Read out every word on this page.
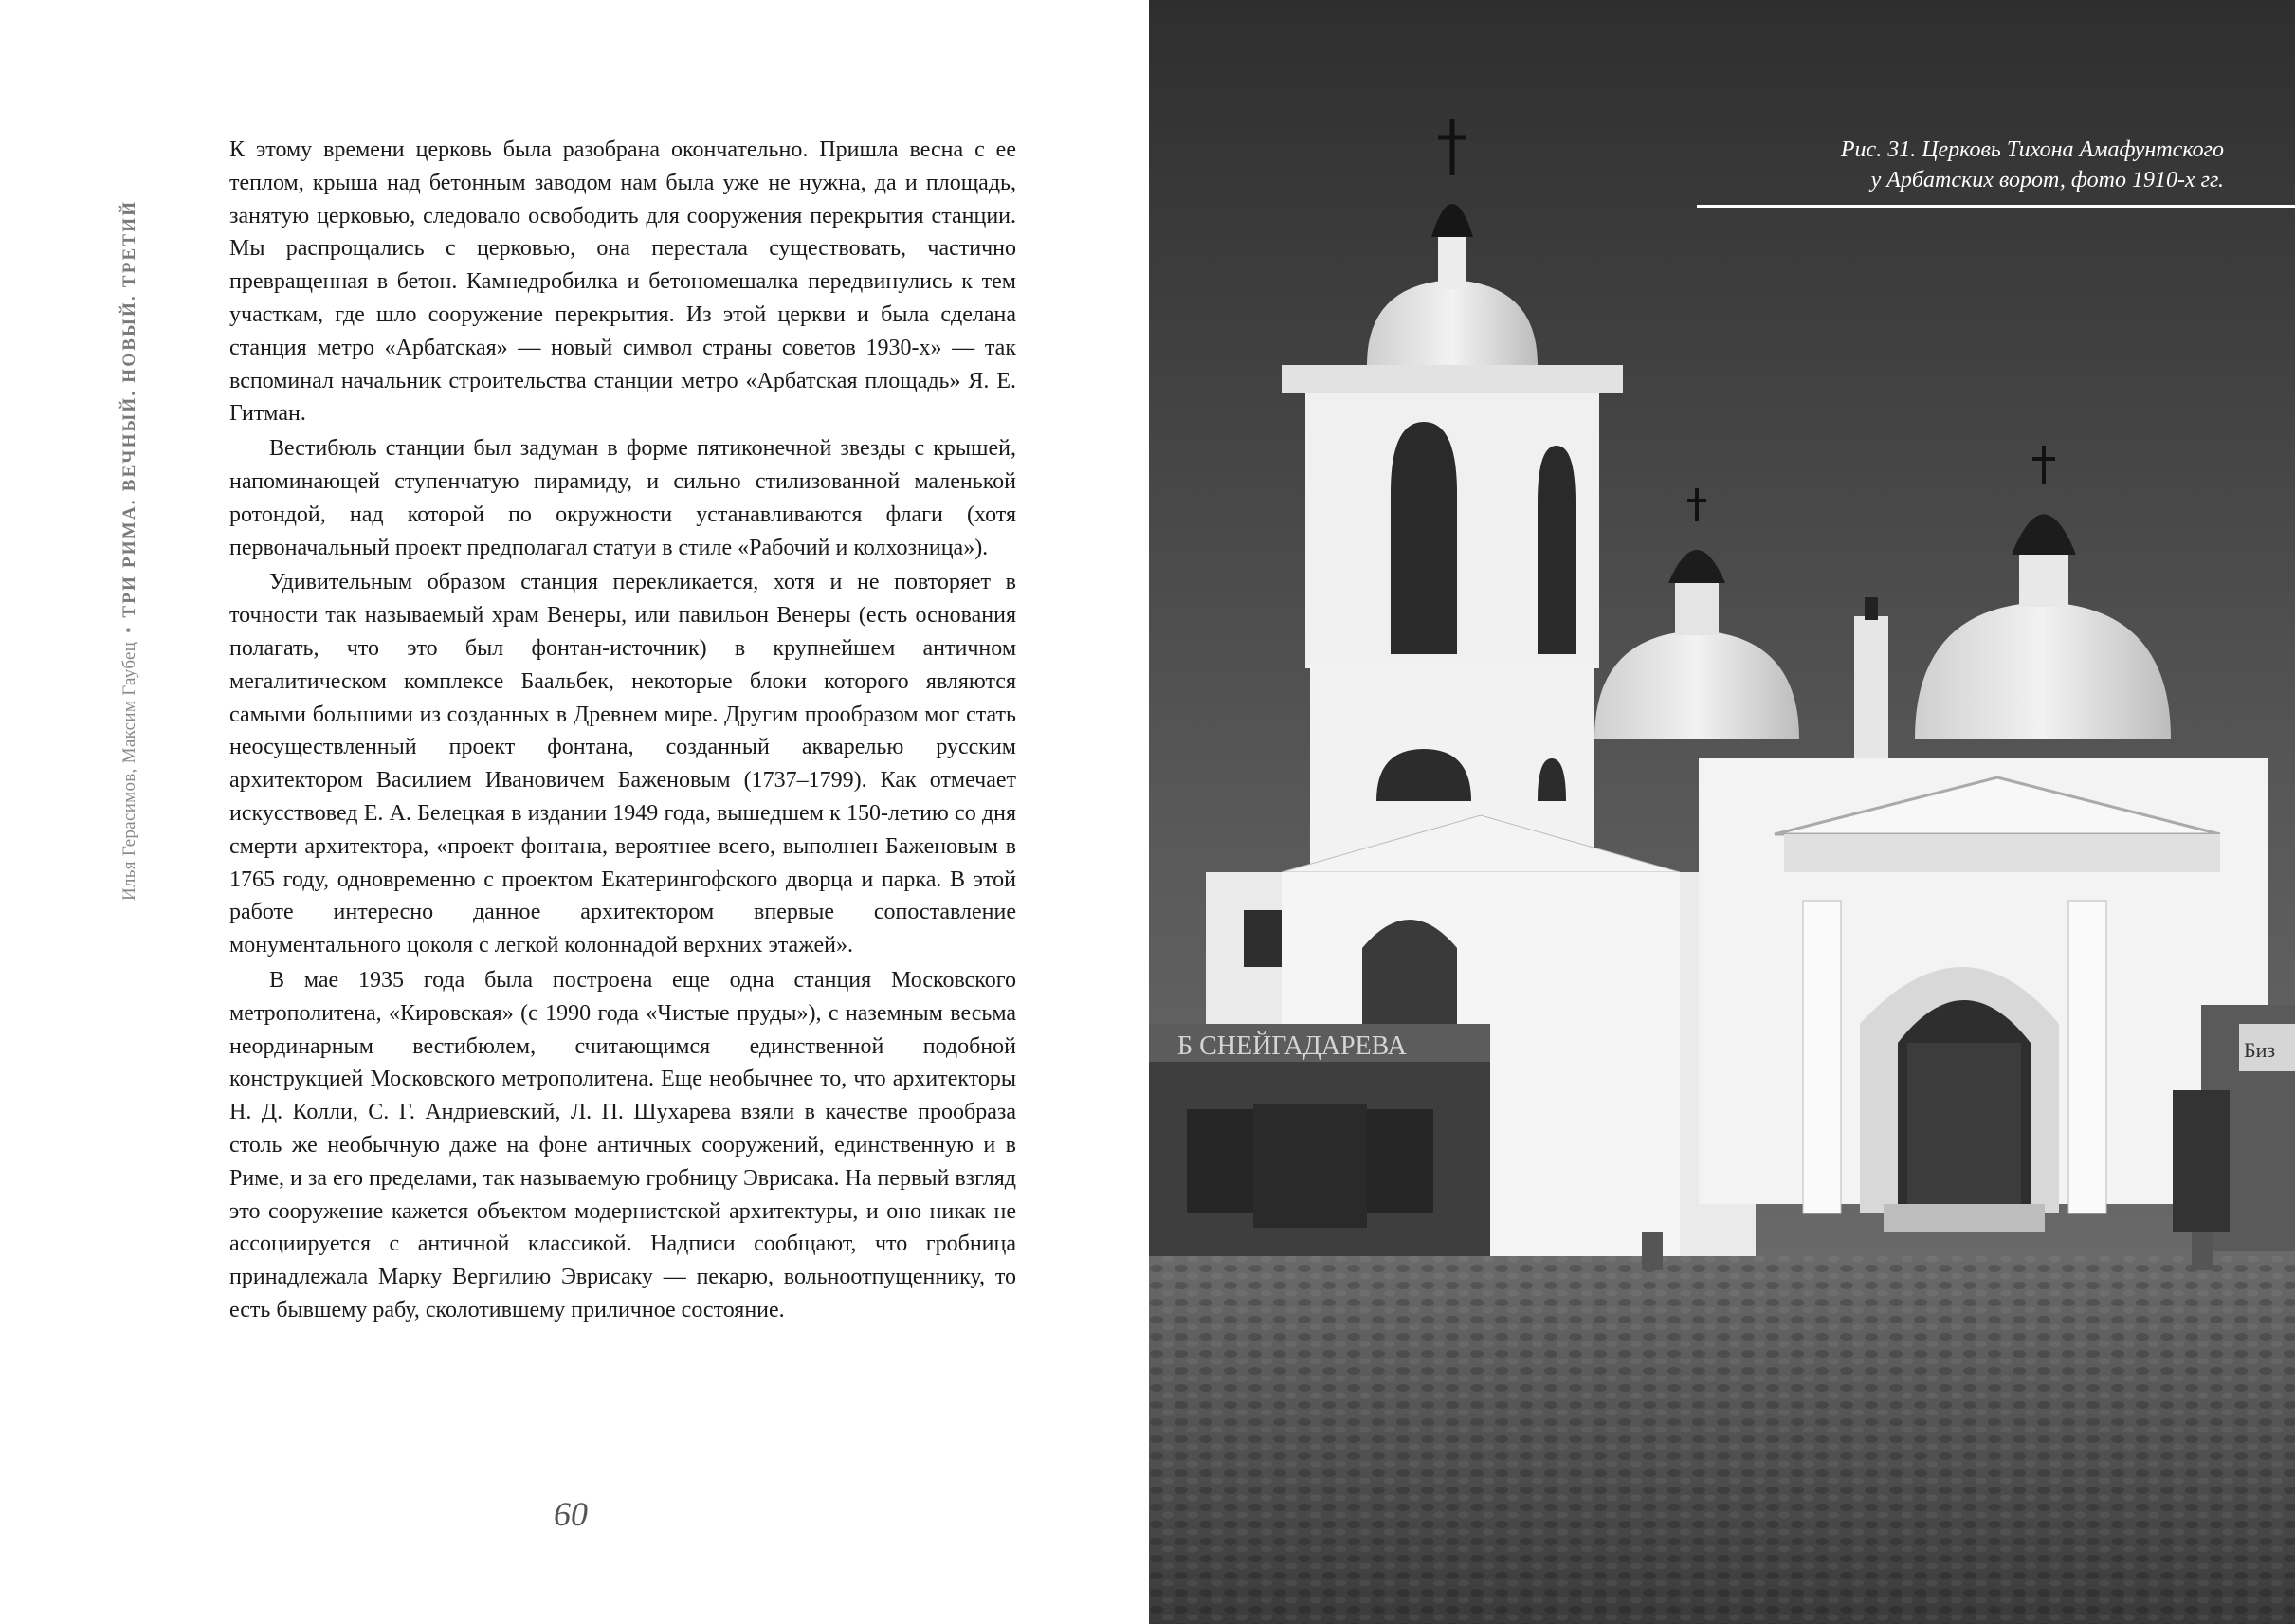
Илья Герасимов, Максим Гаубец • ТРИ РИМА. ВЕЧНЫЙ. НОВЫЙ. ТРЕТИЙ

К этому времени церковь была разобрана окончательно. Пришла весна с ее теплом, крыша над бетонным заводом нам была уже не нужна, да и площадь, занятую церковью, следовало освободить для сооружения перекрытия станции. Мы распрощались с церковью, она перестала существовать, частично превращенная в бетон. Камнедробилка и бетономешалка передвинулись к тем участкам, где шло сооружение перекрытия. Из этой церкви и была сделана станция метро «Арбатская» — новый символ страны советов 1930-х» — так вспоминал начальник строительства станции метро «Арбатская площадь» Я. Е. Гитман.

Вестибюль станции был задуман в форме пятиконечной звезды с крышей, напоминающей ступенчатую пирамиду, и сильно стилизованной маленькой ротондой, над которой по окружности устанавливаются флаги (хотя первоначальный проект предполагал статуи в стиле «Рабочий и колхозница»).

Удивительным образом станция перекликается, хотя и не повторяет в точности так называемый храм Венеры, или павильон Венеры (есть основания полагать, что это был фонтан-источник) в крупнейшем античном мегалитическом комплексе Баальбек, некоторые блоки которого являются самыми большими из созданных в Древнем мире. Другим прообразом мог стать неосуществленный проект фонтана, созданный акварелью русским архитектором Василием Ивановичем Баженовым (1737–1799). Как отмечает искусствовед Е. А. Белецкая в издании 1949 года, вышедшем к 150-летию со дня смерти архитектора, «проект фонтана, вероятнее всего, выполнен Баженовым в 1765 году, одновременно с проектом Екатерингофского дворца и парка. В этой работе интересно данное архитектором впервые сопоставление монументального цоколя с легкой колоннадой верхних этажей».

В мае 1935 года была построена еще одна станция Московского метрополитена, «Кировская» (с 1990 года «Чистые пруды»), с наземным весьма неординарным вестибюлем, считающимся единственной подобной конструкцией Московского метрополитена. Еще необычнее то, что архитекторы Н. Д. Колли, С. Г. Андриевский, Л. П. Шухарева взяли в качестве прообраза столь же необычную даже на фоне античных сооружений, единственную и в Риме, и за его пределами, так называемую гробницу Эврисака. На первый взгляд это сооружение кажется объектом модернистской архитектуры, и оно никак не ассоциируется с античной классикой. Надписи сообщают, что гробница принадлежала Марку Вергилию Эврисаку — пекарю, вольноотпущеннику, то есть бывшему рабу, сколотившему приличное состояние.

60
Б СНЕЙГАДАРЕВА	Биз
Рис. 31. Церковь Тихона Амафунтского
у Арбатских ворот, фото 1910-х гг.
